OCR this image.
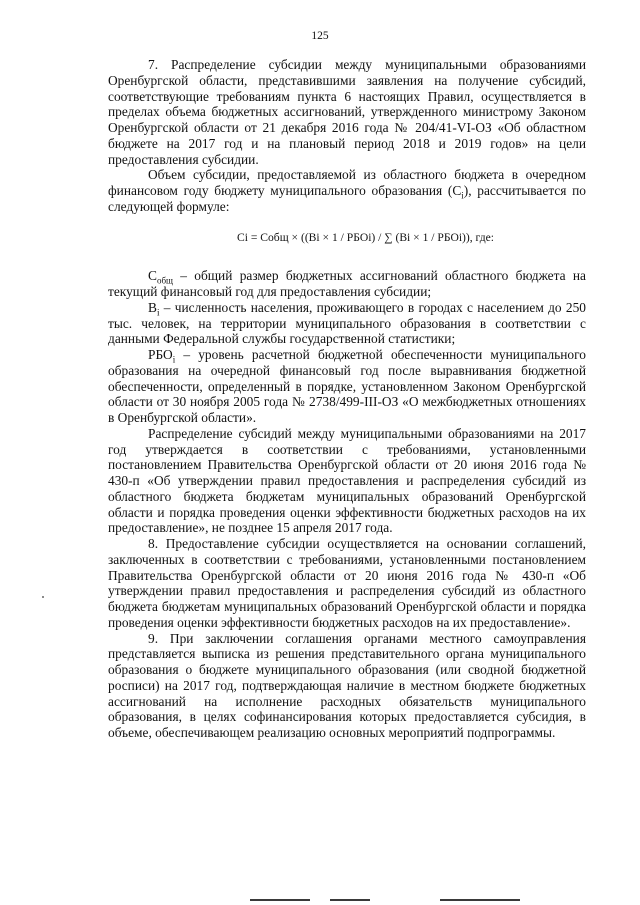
125

7. Распределение субсидии между муниципальными образованиями Оренбургской области, представившими заявления на получение субсидий, соответствующие требованиям пункта 6 настоящих Правил, осуществляется в пределах объема бюджетных ассигнований, утвержденного министрому Законом Оренбургской области от 21 декабря 2016 года № 204/41-VI-ОЗ «Об областном бюджете на 2017 год и на плановый период 2018 и 2019 годов» на цели предоставления субсидии.

Объем субсидии, предоставляемой из областного бюджета в очередном финансовом году бюджету муниципального образования $(С_i)$, рассчитывается по следующей формуле:

Ci = Cобщ × ((Bi × 1 / РБОi) / ∑ (Bi × 1 / РБОi)), где:

$С_{общ}$ – общий размер бюджетных ассигнований областного бюджета на текущий финансовый год для предоставления субсидии;

$В_i$ – численность населения, проживающего в городах с населением до 250 тыс. человек, на территории муниципального образования в соответствии с данными Федеральной службы государственной статистики;

$РБО_i$ – уровень расчетной бюджетной обеспеченности муниципального образования на очередной финансовый год после выравнивания бюджетной обеспеченности, определенный в порядке, установленном Законом Оренбургской области от 30 ноября 2005 года № 2738/499-III-ОЗ «О межбюджетных отношениях в Оренбургской области».

Распределение субсидий между муниципальными образованиями на 2017 год утверждается в соответствии с требованиями, установленными постановлением Правительства Оренбургской области от 20 июня 2016 года № 430-п «Об утверждении правил предоставления и распределения субсидий из областного бюджета бюджетам муниципальных образований Оренбургской области и порядка проведения оценки эффективности бюджетных расходов на их предоставление», не позднее 15 апреля 2017 года.

8. Предоставление субсидии осуществляется на основании соглашений, заключенных в соответствии с требованиями, установленными постановлением Правительства Оренбургской области от 20 июня 2016 года № 430-п «Об утверждении правил предоставления и распределения субсидий из областного бюджета бюджетам муниципальных образований Оренбургской области и порядка проведения оценки эффективности бюджетных расходов на их предоставление».

9. При заключении соглашения органами местного самоуправления представляется выписка из решения представительного органа муниципального образования о бюджете муниципального образования (или сводной бюджетной росписи) на 2017 год, подтверждающая наличие в местном бюджете бюджетных ассигнований на исполнение расходных обязательств муниципального образования, в целях софинансирования которых предоставляется субсидия, в объеме, обеспечивающем реализацию основных мероприятий подпрограммы.
